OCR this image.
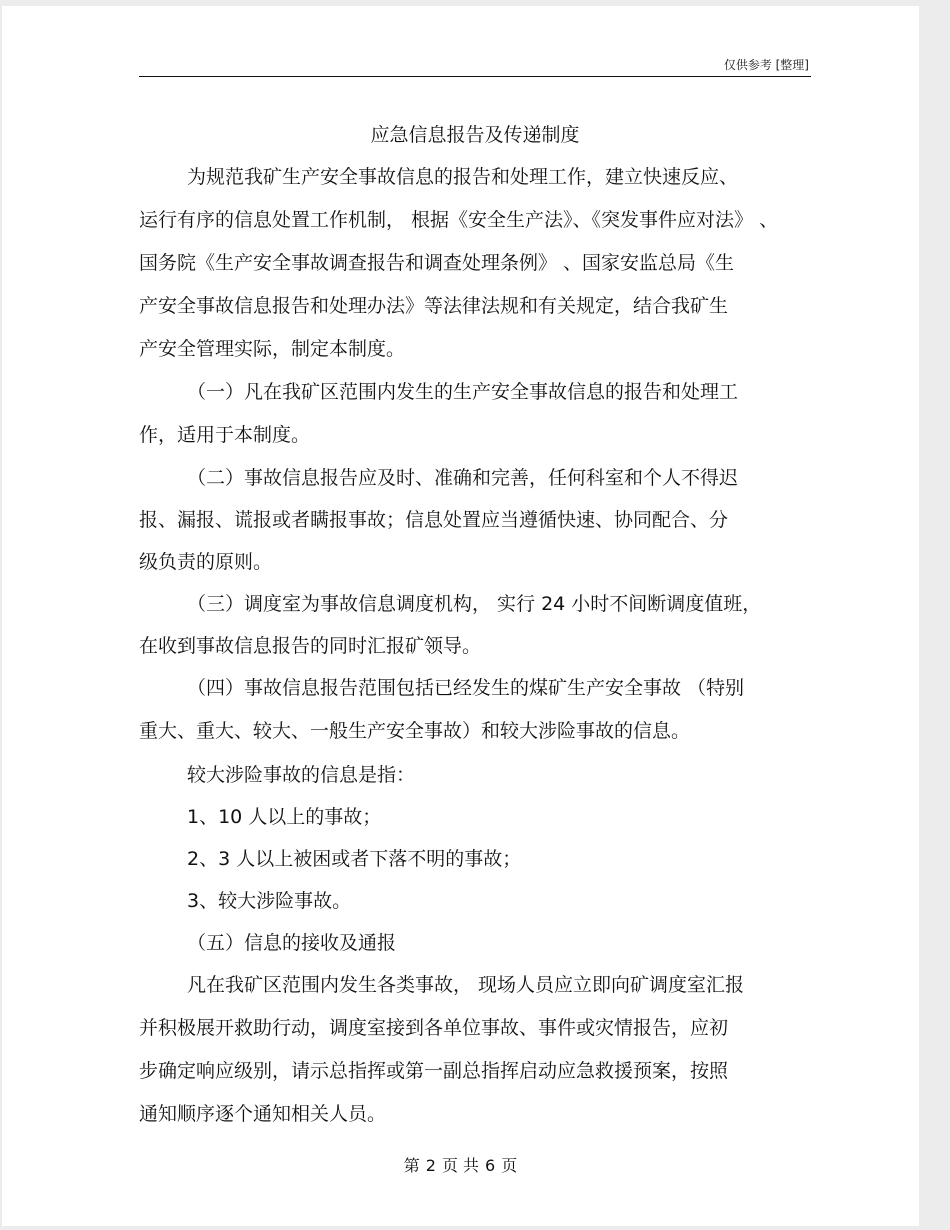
仅供参考 [整理]
应急信息报告及传递制度
为规范我矿生产安全事故信息的报告和处理工作，建立快速反应、
运行有序的信息处置工作机制， 根据《安全生产法》、《突发事件应对法》 、
国务院《生产安全事故调查报告和调查处理条例》 、国家安监总局《生
产安全事故信息报告和处理办法》等法律法规和有关规定，结合我矿生
产安全管理实际，制定本制度。
（一）凡在我矿区范围内发生的生产安全事故信息的报告和处理工
作，适用于本制度。
（二）事故信息报告应及时、准确和完善，任何科室和个人不得迟
报、漏报、谎报或者瞒报事故；信息处置应当遵循快速、协同配合、分
级负责的原则。
（三）调度室为事故信息调度机构， 实行 24 小时不间断调度值班，
在收到事故信息报告的同时汇报矿领导。
（四）事故信息报告范围包括已经发生的煤矿生产安全事故 （特别
重大、重大、较大、一般生产安全事故）和较大涉险事故的信息。
较大涉险事故的信息是指：
1、10 人以上的事故；
2、3 人以上被困或者下落不明的事故；
3、较大涉险事故。
（五）信息的接收及通报
凡在我矿区范围内发生各类事故， 现场人员应立即向矿调度室汇报
并积极展开救助行动，调度室接到各单位事故、事件或灾情报告，应初
步确定响应级别，请示总指挥或第一副总指挥启动应急救援预案，按照
通知顺序逐个通知相关人员。
第 2 页 共 6 页
